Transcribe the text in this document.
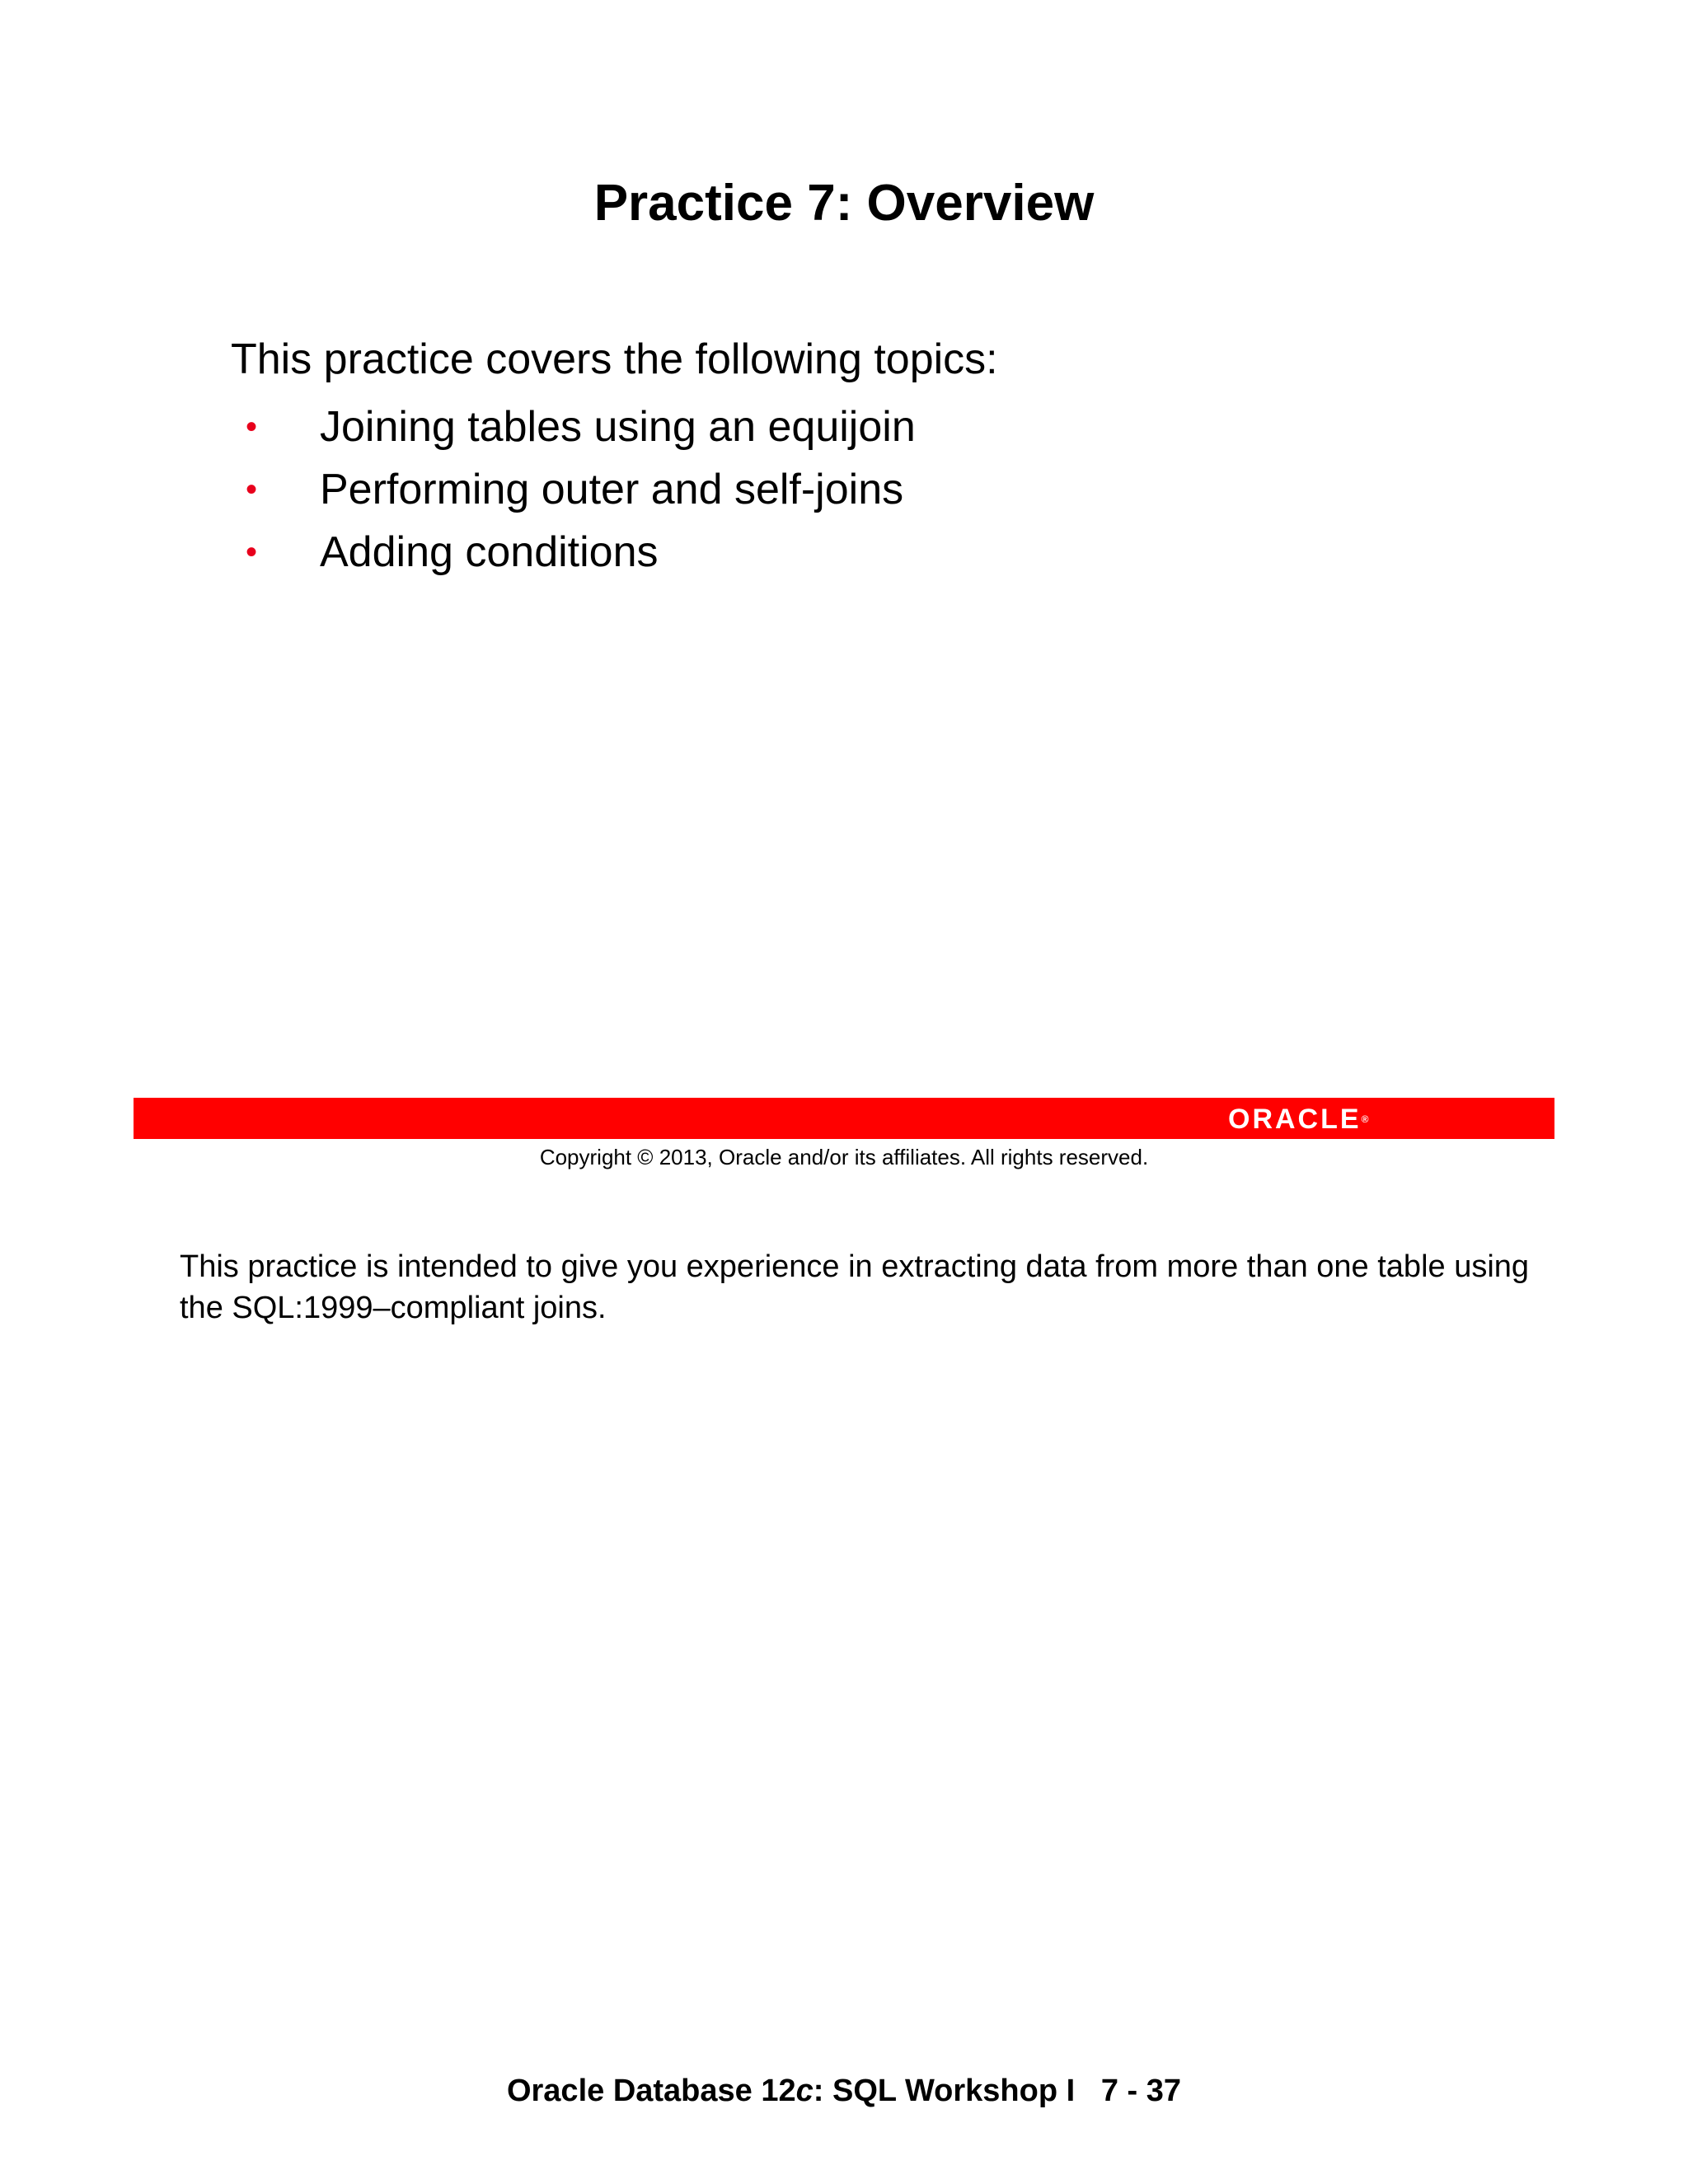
Practice 7: Overview
This practice covers the following topics:
• Joining tables using an equijoin
• Performing outer and self-joins
• Adding conditions
ORACLE®
Copyright © 2013, Oracle and/or its affiliates. All rights reserved.
This practice is intended to give you experience in extracting data from more than one table using the SQL:1999–compliant joins.
Oracle Database 12c: SQL Workshop I 7 - 37
